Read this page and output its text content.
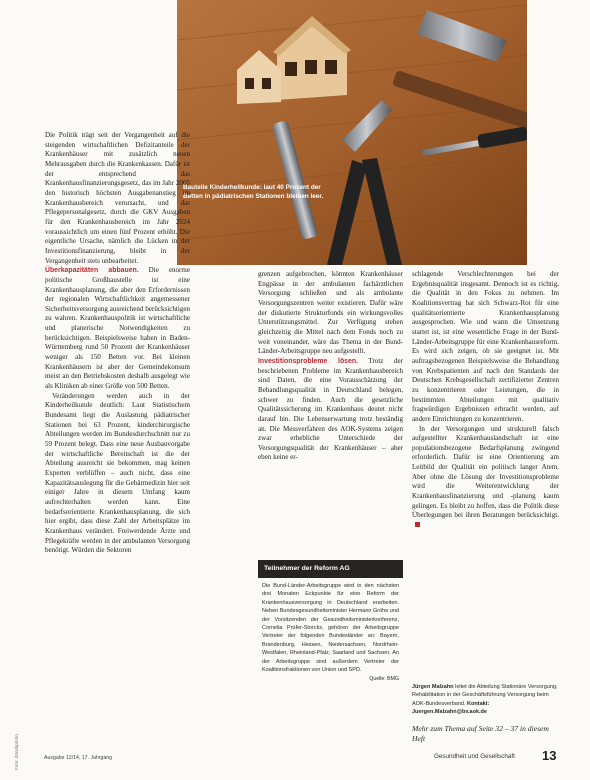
Bauteile Kinderheilkunde: laut 40 Prozent der Betten in pädiatrischen Stationen bleiben leer.

Die Politik trägt seit der Vergangenheit auf die steigenden wirtschaftlichen Defizitanteile der Krankenhäuser mit zusätzlich neuen Mehrausgaben durch die Krankenkassen. Dafür ist der entsprechend das Krankenhausfinanzierungsgesetz, das im Jahr 2005 den historisch höchsten Ausgabenanstieg im Krankenhausbereich verursacht, und das Pflegepersonalgesetz, durch die GKV Ausgaben für den Krankenhausbereich im Jahr 2024 voraussichtlich um einen fünf Prozent erhöht. Die eigentliche Ursache, nämlich die Lücken in der Investitionsfinanzierung, bleibt in der Vergangenheit stets unbearbeitet.

Überkapazitäten abbauen. Die enorme politische Großbaustelle ist eine Krankenhausplanung, die aber den Erfordernissen der regionalen Wirtschaftlichkeit angemessener Sicherheitsversorgung ausreichend berücksichtigen zu wahren. Krankenhauspolitik ist wirtschaftliche und planerische Notwendigkeiten zu berücksichtigen. Beispielsweise haben in Baden-Württemberg rund 50 Prozent der Krankenhäuser weniger als 150 Betten vor. Bei kleinen Krankenhäusern ist aber der Gemeindekonsum meist an den Betriebskosten deshalb ausgelegt wie als Kliniken ab einer Größe von 500 Betten.

Veränderungen werden auch in der Kinderheilkunde deutlich: Laut Statistischem Bundesamt liegt die Auslastung pädiatrischer Stationen bei 63 Prozent, kinderchirurgische Abteilungen werden im Bundesdurchschnitt nur zu 59 Prozent belegt. Dass eine neue Ausbauvorgabe der wirtschaftliche Bereitschaft ist die der Abteilung ausreicht sie bekommen, mag keinen Experten verblüffen – auch nicht, dass eine Kapazitätsauslegung für die Gebärmedizin hier seit einiger Jahre in diesem Umfang kaum aufrechterhalten werden kann. Eine bedarfsorientierte Krankenhausplanung, die sich hier ergibt, dass diese Zahl der Arbeitsplätze im Krankenhaus verändert. Freiwerdende Ärzte und Pflegekräfte werden in der ambulanten Versorgung benötigt. Würden die Sektoren

grenzen aufgebrochen, könnten Krankenhäuser Engpässe in der ambulanten fachärztlichen Versorgung schließen und als ambulante Versorgungszentren weiter existieren. Dafür wäre der diskutierte Strukturfonds ein wirkungsvolles Unterstützungsmittel. Zur Verfügung stehen gleichzeitig die Mittel nach dem Fonds noch zu weit voneinander, wäre das Thema in der Bund-Länder-Arbeitsgruppe neu aufgestellt.

Investitionsprobleme lösen. Trotz der beschriebenen Probleme im Krankenhausbereich sind Daten, die eine Vorausschätzung der Behandlungsqualität in Deutschland belegen, schwer zu finden. Auch die gesetzliche Qualitätssicherung im Krankenhaus deutet nicht darauf hin. Die Lebenserwartung trotz beständig an. Die Messverfahren des AOK-Systems zeigen zwar erhebliche Unterschiede der Versorgungsqualität der Krankenhäuser – aber eben keine er-

Teilnehmer der Reform AG
Die Bund-Länder-Arbeitsgruppe wird in den nächsten drei Monaten Eckpunkte für eine Reform der Krankenhausversorgung in Deutschland erarbeiten. Neben Bundesgesundheitsminister Hermann Gröhe und der Vorsitzenden der Gesundheitsministerkonferenz, Cornelia Prüfer-Storcks, gehören der Arbeitsgruppe Vertreter der folgenden Bundesländer an: Bayern, Brandenburg, Hessen, Niedersachsen, Nordrhein-Westfalen, Rheinland-Pfalz, Saarland und Sachsen. An der Arbeitsgruppe sind außerdem Vertreter der Koalitionsfraktionen von Union und SPD.
Quelle: BMG

schlagende Verschlechterungen bei der Ergebnisqualität insgesamt. Dennoch ist es richtig, die Qualität in den Fokus zu nehmen. Im Koalitionsvertrag hat sich Schwarz-Rot für eine qualitätsorientierte Krankenhausplanung ausgesprochen. Wie und wann die Umsetzung startet ist, ist eine wesentliche Frage in der Bund-Länder-Arbeitsgruppe für eine Krankenhausreform. Es wird sich zeigen, ob sie geeignet ist. Mit auftragsbezogenen Beispielsweise die Behandlung von Krebspatienten auf nach den Standards der Deutschen Krebsgesellschaft zertifizierter Zentren zu konzentrieren oder Leistungen, die in bestimmten Abteilungen mit qualitativ fragwürdigen Ergebnissen erbracht werden, auf andere Einrichtungen zu konzentrieren.

In der Versorgungen und strukturell falsch aufgestellter Krankenhauslandschaft ist eine populationsbezogene Bedarfsplanung zwingend erforderlich. Dafür ist eine Orientierung am Leitbild der Qualität ein politisch langer Atem. Aber ohne die Lösung der Investitionsprobleme wird die Weiterentwicklung der Krankenhausfinanzierung und -planung kaum gelingen. Es bleibt zu hoffen, dass die Politik diese Überlegungen bei ihren Beratungen berücksichtigt.

Jürgen Malzahn leitet die Abteilung Stationäre Versorgung, Rehabilitation in der Geschäftsführung Versorgung beim AOK-Bundesverband. Kontakt: Juergen.Malzahn@bv.aok.de
Mehr zum Thema auf Seite 32 – 37 in diesem Heft
Foto: iStockphoto	Ausgabe 12/14, 17. Jahrgang	Gesundheit und Gesellschaft 13
